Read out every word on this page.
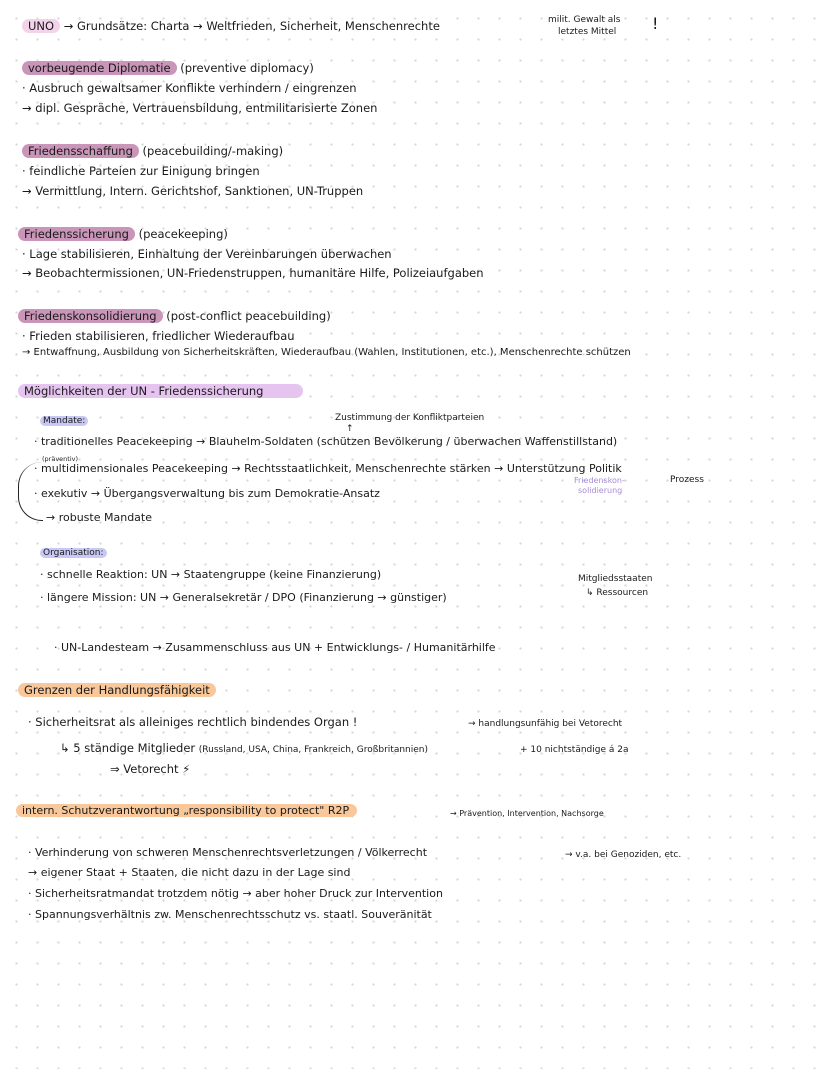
UNO → Grundsätze: Charta → Weltfrieden, Sicherheit, Menschenrechte	milit. Gewalt als
letztes Mittel !
vorbeugende Diplomatie (preventive diplomacy)
· Ausbruch gewaltsamer Konflikte verhindern / eingrenzen
→ dipl. Gespräche, Vertrauensbildung, entmilitarisierte Zonen
Friedensschaffung (peacebuilding/-making)
· feindliche Parteien zur Einigung bringen
→ Vermittlung, Intern. Gerichtshof, Sanktionen, UN-Truppen
Friedenssicherung (peacekeeping)
· Lage stabilisieren, Einhaltung der Vereinbarungen überwachen
→ Beobachtermissionen, UN-Friedenstruppen, humanitäre Hilfe, Polizeiaufgaben
Friedenskonsolidierung (post-conflict peacebuilding)
· Frieden stabilisieren, friedlicher Wiederaufbau
→ Entwaffnung, Ausbildung von Sicherheitskräften, Wiederaufbau (Wahlen, Institutionen, etc.), Menschenrechte schützen
Möglichkeiten der UN - Friedenssicherung
Mandate:	Zustimmung der Konfliktparteien
↑
· traditionelles Peacekeeping → Blauhelm-Soldaten (schützen Bevölkerung / überwachen Waffenstillstand)
(präventiv)
· multidimensionales Peacekeeping → Rechtsstaatlichkeit, Menschenrechte stärken → Unterstützung Politik
Prozess
Friedenskon-
solidierung
· exekutiv → Übergangsverwaltung bis zum Demokratie-Ansatz
→ robuste Mandate
Organisation:
· schnelle Reaktion: UN → Staatengruppe (keine Finanzierung)
· längere Mission: UN → Generalsekretär / DPO (Finanzierung → günstiger)
Mitgliedsstaaten
↳ Ressourcen
· UN-Landesteam → Zusammenschluss aus UN + Entwicklungs- / Humanitärhilfe
Grenzen der Handlungsfähigkeit
· Sicherheitsrat als alleiniges rechtlich bindendes Organ !	→ handlungsunfähig bei Vetorecht
↳ 5 ständige Mitglieder (Russland, USA, China, Frankreich, Großbritannien)	+ 10 nichtständige á 2a
⇒ Vetorecht ⚡
intern. Schutzverantwortung „responsibility to protect" R2P	→ Prävention, Intervention, Nachsorge
· Verhinderung von schweren Menschenrechtsverletzungen / Völkerrecht	→ v.a. bei Genoziden, etc.
→ eigener Staat + Staaten, die nicht dazu in der Lage sind
· Sicherheitsratmandat trotzdem nötig → aber hoher Druck zur Intervention
· Spannungsverhältnis zw. Menschenrechtsschutz vs. staatl. Souveränität
